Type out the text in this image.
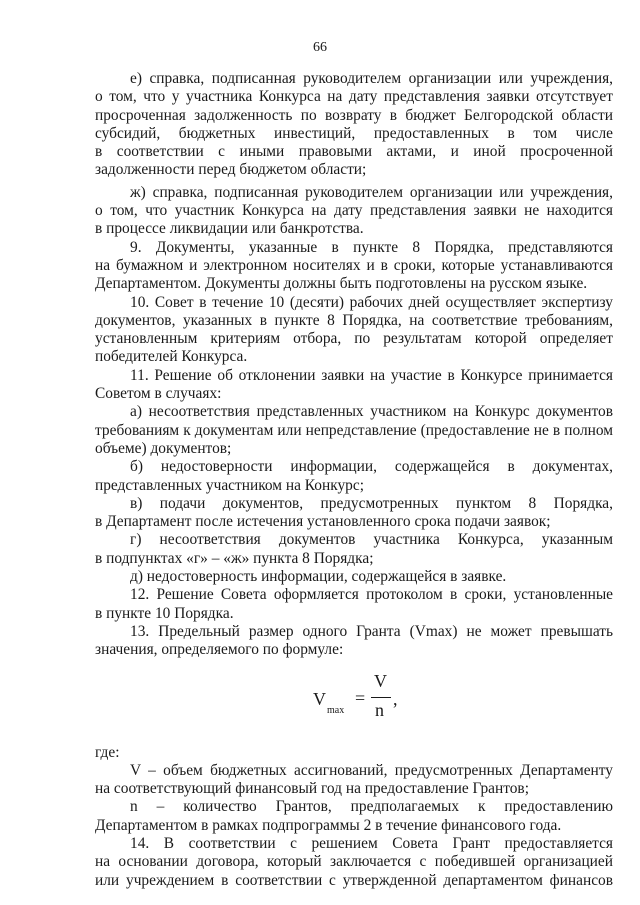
66

е) справка, подписанная руководителем организации или учреждения,

о том, что у участника Конкурса на дату представления заявки отсутствует

просроченная задолженность по возврату в бюджет Белгородской области

субсидий, бюджетных инвестиций, предоставленных в том числе

в соответствии с иными правовыми актами, и иной просроченной

задолженности перед бюджетом области;

ж) справка, подписанная руководителем организации или учреждения,

о том, что участник Конкурса на дату представления заявки не находится

в процессе ликвидации или банкротства.

9. Документы, указанные в пункте 8 Порядка, представляются

на бумажном и электронном носителях и в сроки, которые устанавливаются

Департаментом. Документы должны быть подготовлены на русском языке.

10. Совет в течение 10 (десяти) рабочих дней осуществляет экспертизу

документов, указанных в пункте 8 Порядка, на соответствие требованиям,

установленным критериям отбора, по результатам которой определяет

победителей Конкурса.

11. Решение об отклонении заявки на участие в Конкурсе принимается

Советом в случаях:

а) несоответствия представленных участником на Конкурс документов

требованиям к документам или непредставление (предоставление не в полном

объеме) документов;

б) недостоверности информации, содержащейся в документах,

представленных участником на Конкурс;

в) подачи документов, предусмотренных пунктом 8 Порядка,

в Департамент после истечения установленного срока подачи заявок;

г) несоответствия документов участника Конкурса, указанным

в подпунктах «г» – «ж» пункта 8 Порядка;

д) недостоверность информации, содержащейся в заявке.

12. Решение Совета оформляется протоколом в сроки, установленные

в пункте 10 Порядка.

13. Предельный размер одного Гранта (Vmax) не может превышать

значения, определяемого по формуле:

V
max
=
V
n
,

где:

V – объем бюджетных ассигнований, предусмотренных Департаменту

на соответствующий финансовый год на предоставление Грантов;

n – количество Грантов, предполагаемых к предоставлению

Департаментом в рамках подпрограммы 2 в течение финансового года.

14. В соответствии с решением Совета Грант предоставляется

на основании договора, который заключается с победившей организацией

или учреждением в соответствии с утвержденной департаментом финансов
